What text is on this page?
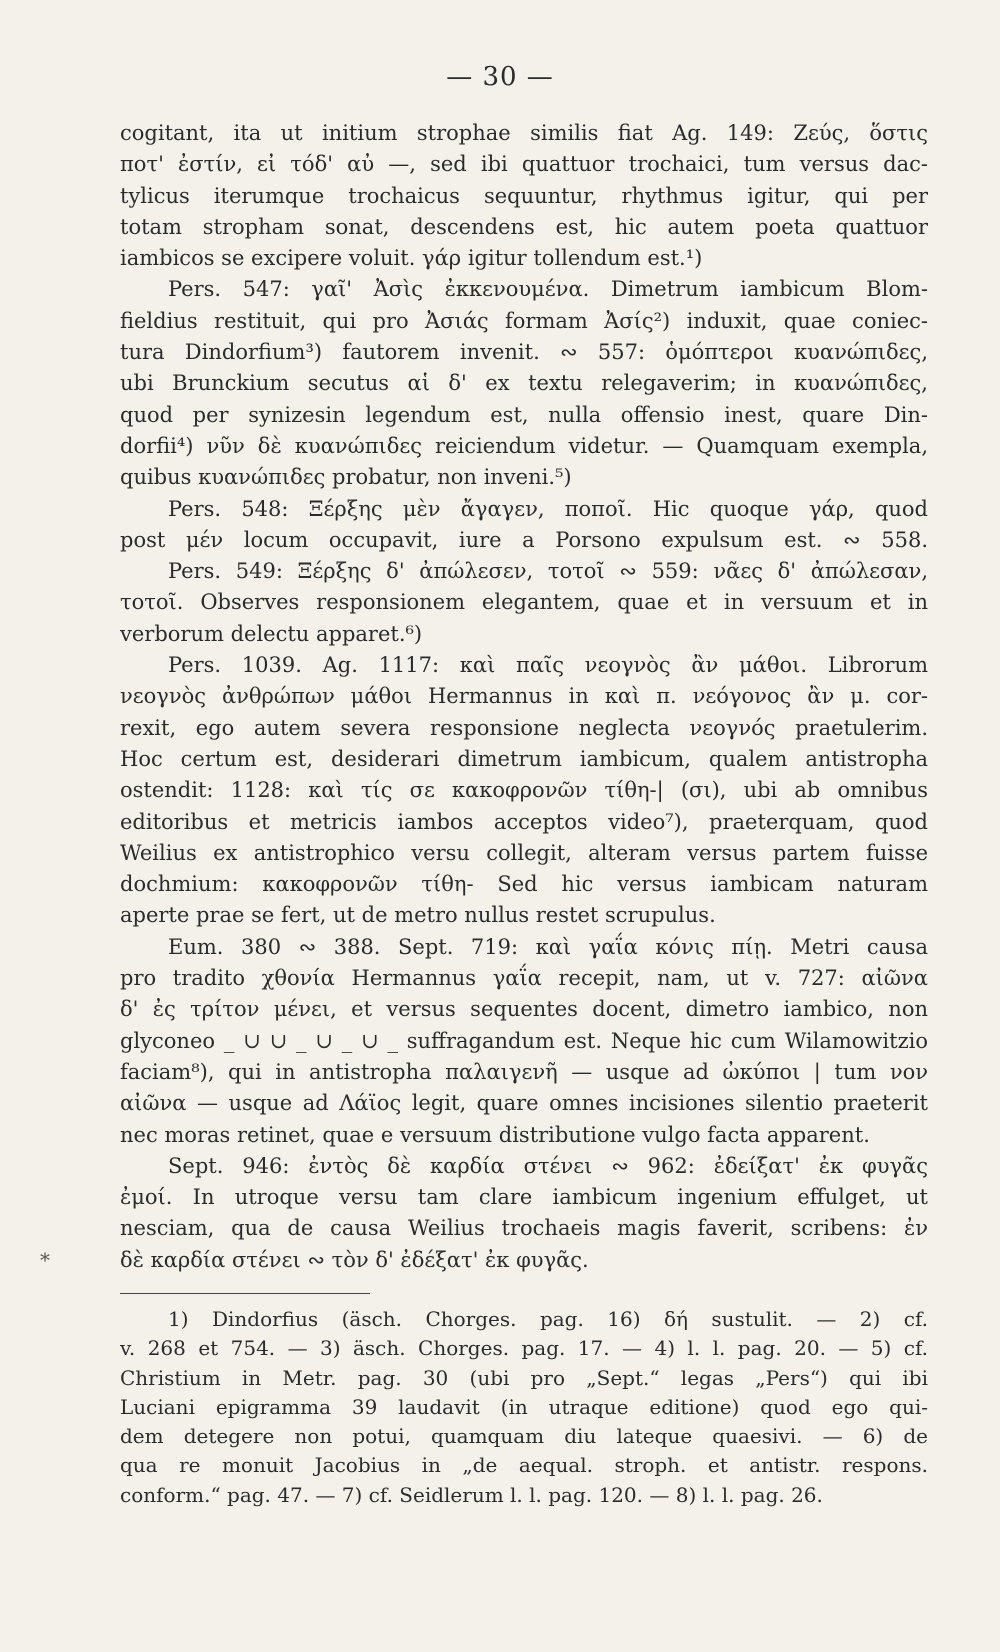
— 30 —
cogitant, ita ut initium strophae similis fiat Ag. 149: Ζεύς, ὅστις
ποτ' ἐστίν, εἰ τόδ' αὐ —, sed ibi quattuor trochaici, tum versus dac-
tylicus iterumque trochaicus sequuntur, rhythmus igitur, qui per
totam stropham sonat, descendens est, hic autem poeta quattuor
iambicos se excipere voluit. γάρ igitur tollendum est.¹)
Pers. 547: γαῖ' Ἀσὶς ἐκκενουμένα. Dimetrum iambicum Blom-
fieldius restituit, qui pro Ἀσιάς formam Ἀσίς²) induxit, quae coniec-
tura Dindorfium³) fautorem invenit. ∾ 557: ὁμόπτεροι κυανώπιδες,
ubi Brunckium secutus αἱ δ' ex textu relegaverim; in κυανώπιδες,
quod per synizesin legendum est, nulla offensio inest, quare Din-
dorfii⁴) νῦν δὲ κυανώπιδες reiciendum videtur. — Quamquam exempla,
quibus κυανώπιδες probatur, non inveni.⁵)
Pers. 548: Ξέρξης μὲν ἄγαγεν, ποποῖ. Hic quoque γάρ, quod
post μέν locum occupavit, iure a Porsono expulsum est. ∾ 558.
Pers. 549: Ξέρξης δ' ἀπώλεσεν, τοτοῖ ∾ 559: νᾶες δ' ἀπώλεσαν,
τοτοῖ. Observes responsionem elegantem, quae et in versuum et in
verborum delectu apparet.⁶)
Pers. 1039. Ag. 1117: καὶ παῖς νεογνὸς ἂν μάθοι. Librorum
νεογνὸς ἀνθρώπων μάθοι Hermannus in καὶ π. νεόγονος ἂν μ. cor-
rexit, ego autem severa responsione neglecta νεογνός praetulerim.
Hoc certum est, desiderari dimetrum iambicum, qualem antistropha
ostendit: 1128: καὶ τίς σε κακοφρονῶν τίθη-| (σι), ubi ab omnibus
editoribus et metricis iambos acceptos video⁷), praeterquam, quod
Weilius ex antistrophico versu collegit, alteram versus partem fuisse
dochmium: κακοφρονῶν τίθη- Sed hic versus iambicam naturam
aperte prae se fert, ut de metro nullus restet scrupulus.
Eum. 380 ∾ 388. Sept. 719: καὶ γαΐα κόνις πίῃ. Metri causa
pro tradito χθονία Hermannus γαΐα recepit, nam, ut v. 727: αἰῶνα
δ' ἐς τρίτον μένει, et versus sequentes docent, dimetro iambico, non
glyconeo _ ∪ ∪ _ ∪ _ ∪ _ suffragandum est. Neque hic cum Wilamowitzio
faciam⁸), qui in antistropha παλαιγενῆ — usque ad ὠκύποι | tum νον
αἰῶνα — usque ad Λάϊος legit, quare omnes incisiones silentio praeterit
nec moras retinet, quae e versuum distributione vulgo facta apparent.
Sept. 946: ἐντὸς δὲ καρδία στένει ∾ 962: ἐδείξατ' ἐκ φυγᾶς
ἐμοί. In utroque versu tam clare iambicum ingenium effulget, ut
nesciam, qua de causa Weilius trochaeis magis faverit, scribens: ἐν
δὲ καρδία στένει ∾ τὸν δ' ἐδέξατ' ἐκ φυγᾶς.
*
1) Dindorfius (äsch. Chorges. pag. 16) δή sustulit. — 2) cf.
v. 268 et 754. — 3) äsch. Chorges. pag. 17. — 4) l. l. pag. 20. — 5) cf.
Christium in Metr. pag. 30 (ubi pro „Sept.“ legas „Pers“) qui ibi
Luciani epigramma 39 laudavit (in utraque editione) quod ego qui-
dem detegere non potui, quamquam diu lateque quaesivi. — 6) de
qua re monuit Jacobius in „de aequal. stroph. et antistr. respons.
conform.“ pag. 47. — 7) cf. Seidlerum l. l. pag. 120. — 8) l. l. pag. 26.
